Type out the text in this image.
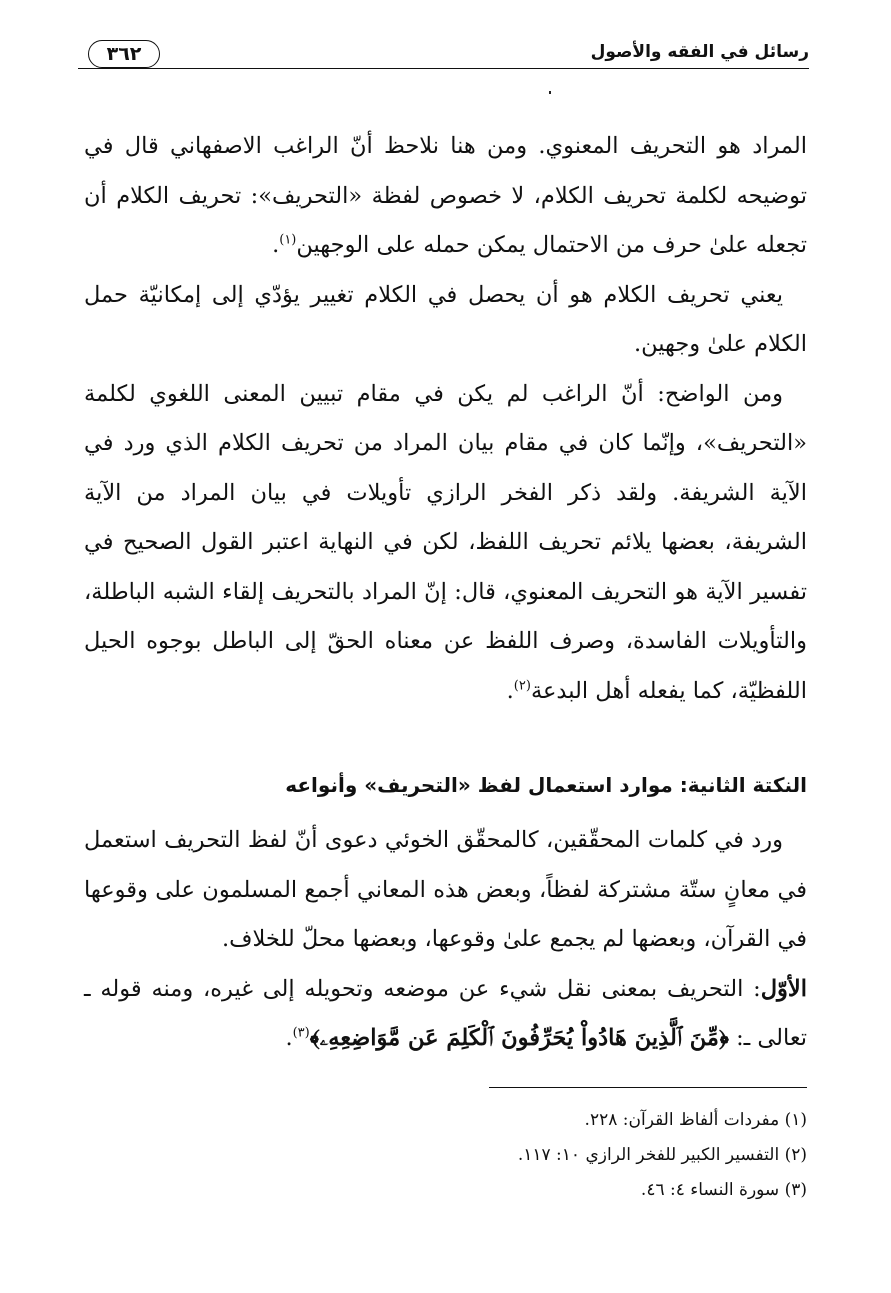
رسائل في الفقه والأصول
٣٦٢

المراد هو التحريف المعنوي. ومن هنا نلاحظ أنّ الراغب الاصفهاني قال في توضيحه لكلمة تحريف الكلام، لا خصوص لفظة «التحريف»: تحريف الكلام أن تجعله علىٰ حرف من الاحتمال يمكن حمله على الوجهين$^{(١)}$.

يعني تحريف الكلام هو أن يحصل في الكلام تغيير يؤدّي إلى إمكانيّة حمل الكلام علىٰ وجهين.

ومن الواضح: أنّ الراغب لم يكن في مقام تبيين المعنى اللغوي لكلمة «التحريف»، وإنّما كان في مقام بيان المراد من تحريف الكلام الذي ورد في الآية الشريفة. ولقد ذكر الفخر الرازي تأويلات في بيان المراد من الآية الشريفة، بعضها يلائم تحريف اللفظ، لكن في النهاية اعتبر القول الصحيح في تفسير الآية هو التحريف المعنوي، قال: إنّ المراد بالتحريف إلقاء الشبه الباطلة، والتأويلات الفاسدة، وصرف اللفظ عن معناه الحقّ إلى الباطل بوجوه الحيل اللفظيّة، كما يفعله أهل البدعة$^{(٢)}$.

النكتة الثانية: موارد استعمال لفظ «التحريف» وأنواعه

ورد في كلمات المحقّقين، كالمحقّق الخوئي دعوى أنّ لفظ التحريف استعمل في معانٍ ستّة مشتركة لفظاً، وبعض هذه المعاني أجمع المسلمون على وقوعها في القرآن، وبعضها لم يجمع علىٰ وقوعها، وبعضها محلّ للخلاف.

الأوّل: التحريف بمعنى نقل شيء عن موضعه وتحويله إلى غيره، ومنه قوله ـ تعالى ـ: ﴿مِّنَ ٱلَّذِينَ هَادُواْ يُحَرِّفُونَ ٱلْكَلِمَ عَن مَّوَاضِعِهِۦ﴾$^{(٣)}$.

(١) مفردات ألفاظ القرآن: ٢٢٨.
(٢) التفسير الكبير للفخر الرازي ١٠: ١١٧.
(٣) سورة النساء ٤: ٤٦.
